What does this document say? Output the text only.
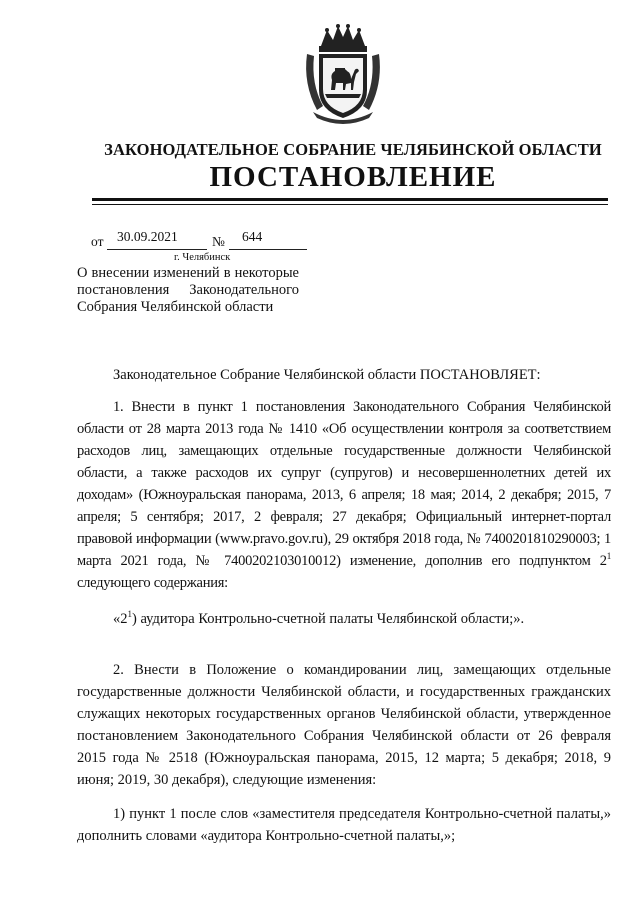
ЗАКОНОДАТЕЛЬНОЕ СОБРАНИЕ ЧЕЛЯБИНСКОЙ ОБЛАСТИ
ПОСТАНОВЛЕНИЕ
от 30.09.2021	№ 644
г. Челябинск
О внесении изменений в некоторые
постановления Законодательного
Собрания Челябинской области
Законодательное Собрание Челябинской области ПОСТАНОВЛЯЕТ:
1. Внести в пункт 1 постановления Законодательного Собрания Челябинской области от 28 марта 2013 года № 1410 «Об осуществлении контроля за соответствием расходов лиц, замещающих отдельные государственные должности Челябинской области, а также расходов их супруг (супругов) и несовершеннолетних детей их доходам» (Южноуральская панорама, 2013, 6 апреля; 18 мая; 2014, 2 декабря; 2015, 7 апреля; 5 сентября; 2017, 2 февраля; 27 декабря; Официальный интернет-портал правовой информации (www.pravo.gov.ru), 29 октября 2018 года, № 7400201810290003; 1 марта 2021 года, № 7400202103010012) изменение, дополнив его подпунктом $2^1$ следующего содержания:
«$2^1$) аудитора Контрольно-счетной палаты Челябинской области;».
2. Внести в Положение о командировании лиц, замещающих отдельные государственные должности Челябинской области, и государственных гражданских служащих некоторых государственных органов Челябинской области, утвержденное постановлением Законодательного Собрания Челябинской области от 26 февраля 2015 года № 2518 (Южноуральская панорама, 2015, 12 марта; 5 декабря; 2018, 9 июня; 2019, 30 декабря), следующие изменения:
1) пункт 1 после слов «заместителя председателя Контрольно-счетной палаты,»
дополнить словами «аудитора Контрольно-счетной палаты,»;
